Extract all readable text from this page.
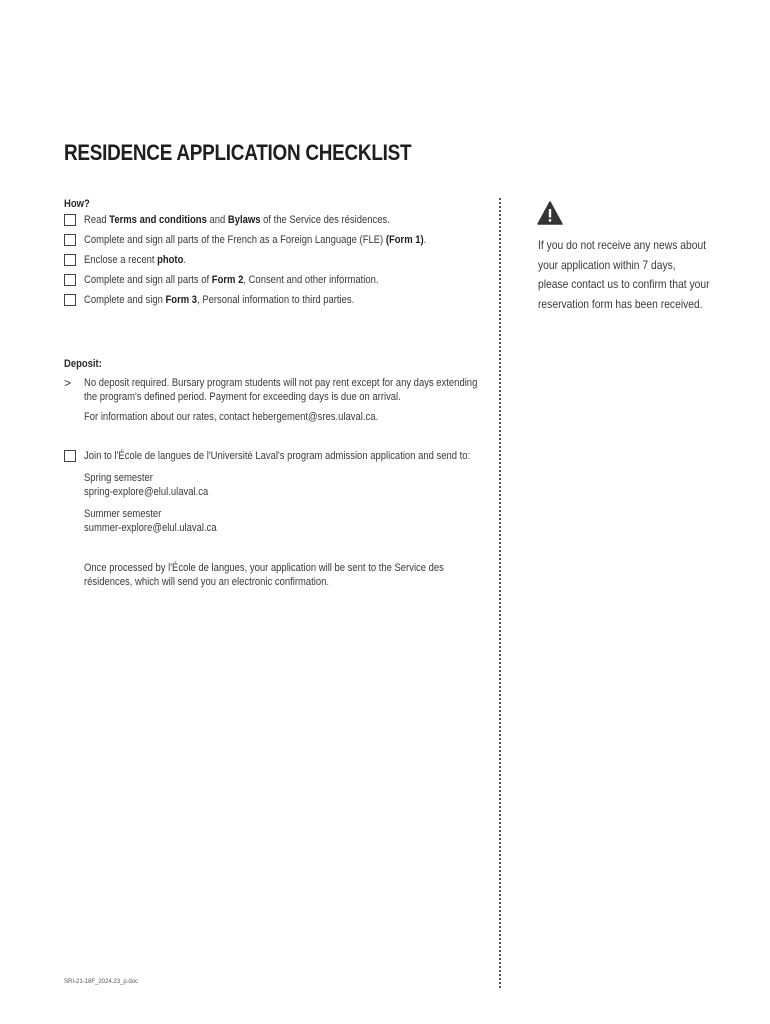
RESIDENCE APPLICATION CHECKLIST
How?
Read Terms and conditions and Bylaws of the Service des résidences.
Complete and sign all parts of the French as a Foreign Language (FLE) (Form 1).
Enclose a recent photo.
Complete and sign all parts of Form 2, Consent and other information.
Complete and sign Form 3, Personal information to third parties.
Deposit:
> No deposit required. Bursary program students will not pay rent except for any days extending
the program's defined period. Payment for exceeding days is due on arrival.
For information about our rates, contact hebergement@sres.ulaval.ca.
Join to l'École de langues de l'Université Laval's program admission application and send to:
Spring semester
spring-explore@elul.ulaval.ca
Summer semester
summer-explore@elul.ulaval.ca
Once processed by l'École de langues, your application will be sent to the Service des
résidences, which will send you an electronic confirmation.
If you do not receive any news about
your application within 7 days,
please contact us to confirm that your
reservation form has been received.
SRI-21-18F_2024.23_p.doc
